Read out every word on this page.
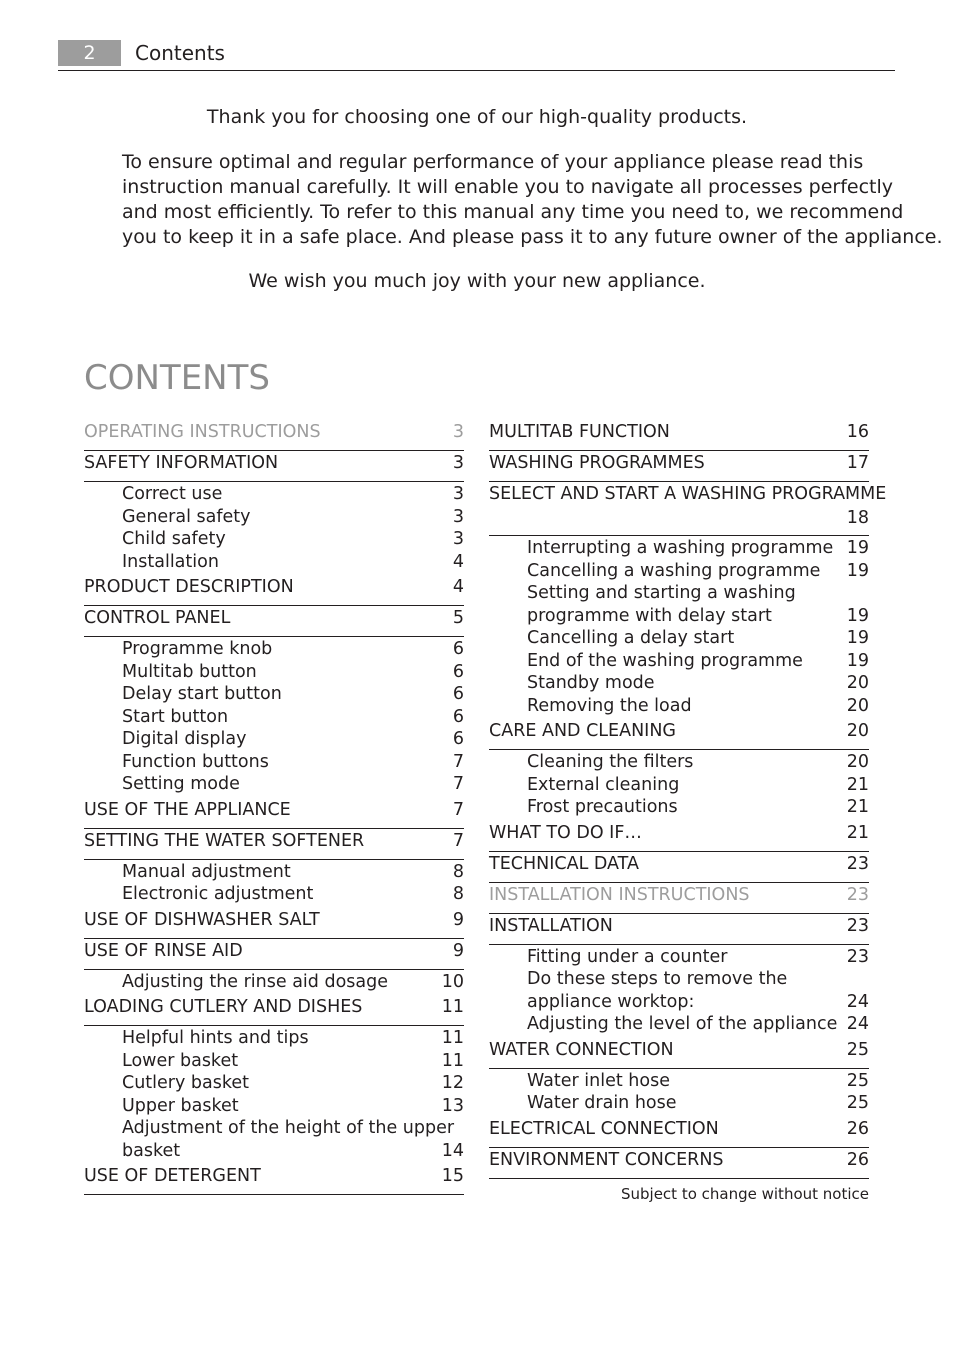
2	Contents
Thank you for choosing one of our high-quality products.
To ensure optimal and regular performance of your appliance please read this
instruction manual carefully. It will enable you to navigate all processes perfectly
and most efficiently. To refer to this manual any time you need to, we recommend
you to keep it in a safe place. And please pass it to any future owner of the appliance.
We wish you much joy with your new appliance.
CONTENTS
OPERATING INSTRUCTIONS	3
SAFETY INFORMATION	3
Correct use	3
General safety	3
Child safety	3
Installation	4
PRODUCT DESCRIPTION	4
CONTROL PANEL	5
Programme knob	6
Multitab button	6
Delay start button	6
Start button	6
Digital display	6
Function buttons	7
Setting mode	7
USE OF THE APPLIANCE	7
SETTING THE WATER SOFTENER	7
Manual adjustment	8
Electronic adjustment	8
USE OF DISHWASHER SALT	9
USE OF RINSE AID	9
Adjusting the rinse aid dosage	10
LOADING CUTLERY AND DISHES	11
Helpful hints and tips	11
Lower basket	11
Cutlery basket	12
Upper basket	13
Adjustment of the height of the upper basket	14
USE OF DETERGENT	15
MULTITAB FUNCTION	16
WASHING PROGRAMMES	17
SELECT AND START A WASHING PROGRAMME
18
Interrupting a washing programme 19
Cancelling a washing programme 19
Setting and starting a washing programme with delay start	19
Cancelling a delay start	19
End of the washing programme	19
Standby mode	20
Removing the load	20
CARE AND CLEANING	20
Cleaning the filters	20
External cleaning	21
Frost precautions	21
WHAT TO DO IF…	21
TECHNICAL DATA	23
INSTALLATION INSTRUCTIONS	23
INSTALLATION	23
Fitting under a counter	23
Do these steps to remove the appliance worktop:	24
Adjusting the level of the appliance 24
WATER CONNECTION	25
Water inlet hose	25
Water drain hose	25
ELECTRICAL CONNECTION	26
ENVIRONMENT CONCERNS	26
Subject to change without notice
